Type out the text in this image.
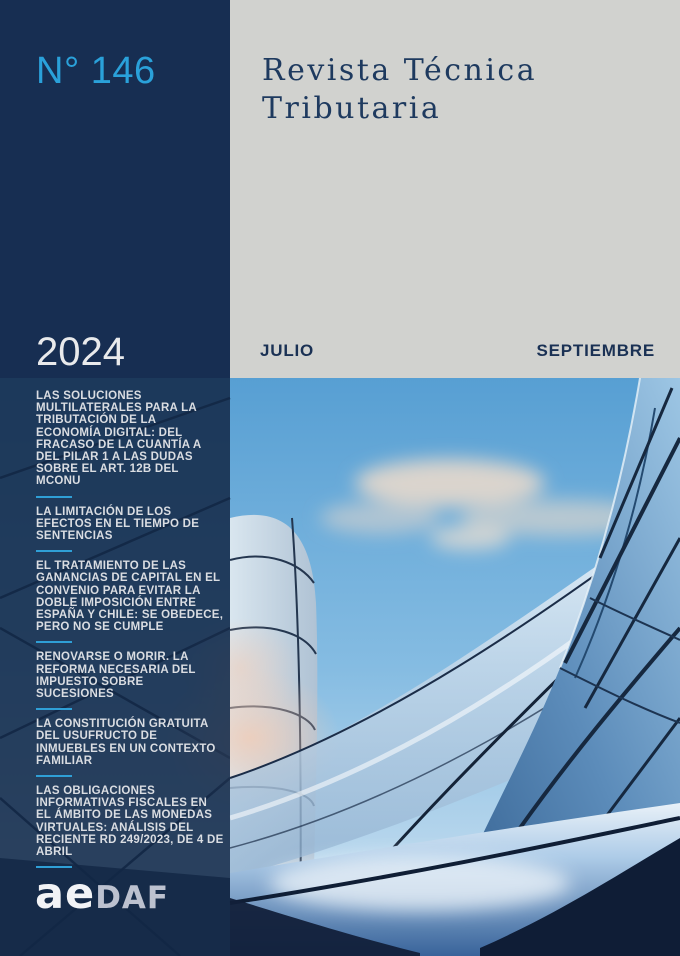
Revista Técnica Tributaria
JULIO	SEPTIEMBRE
N° 146
2024
LAS SOLUCIONES MULTILATERALES PARA LA TRIBUTACIÓN DE LA ECONOMÍA DIGITAL: DEL FRACASO DE LA CUANTÍA A DEL PILAR 1 A LAS DUDAS SOBRE EL ART. 12B DEL MCONU
LA LIMITACIÓN DE LOS EFECTOS EN EL TIEMPO DE SENTENCIAS
EL TRATAMIENTO DE LAS GANANCIAS DE CAPITAL EN EL CONVENIO PARA EVITAR LA DOBLE IMPOSICIÓN ENTRE ESPAÑA Y CHILE: SE OBEDECE, PERO NO SE CUMPLE
RENOVARSE O MORIR. LA REFORMA NECESARIA DEL IMPUESTO SOBRE SUCESIONES
LA CONSTITUCIÓN GRATUITA DEL USUFRUCTO DE INMUEBLES EN UN CONTEXTO FAMILIAR
LAS OBLIGACIONES INFORMATIVAS FISCALES EN EL ÁMBITO DE LAS MONEDAS VIRTUALES: ANÁLISIS DEL RECIENTE RD 249/2023, DE 4 DE ABRIL
ae DAF
